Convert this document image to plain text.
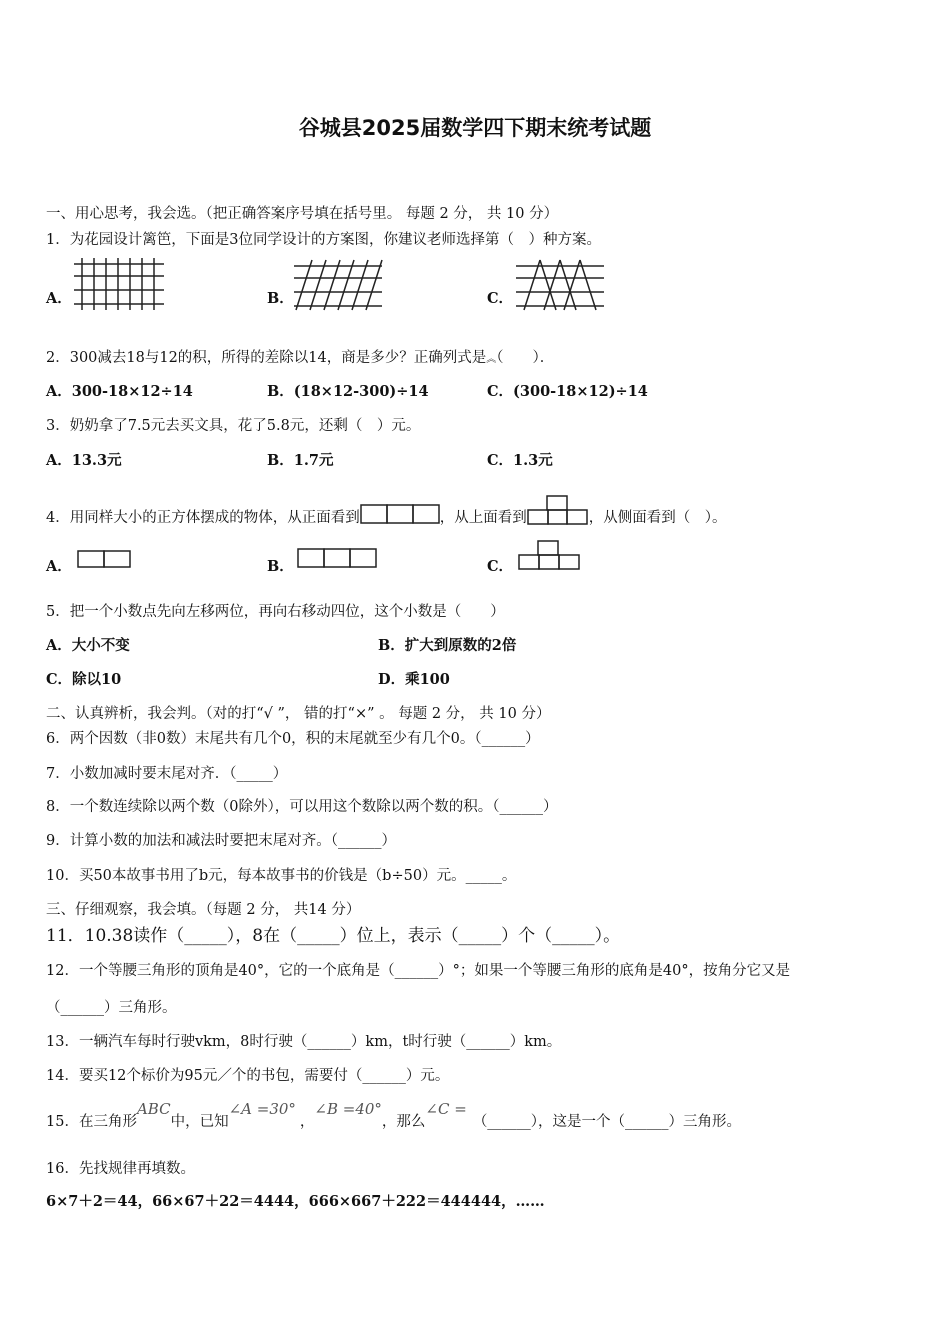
谷城县2025届数学四下期末统考试题
一、用心思考，我会选。（把正确答案序号填在括号里。 每题 2 分， 共 10 分）
1．为花园设计篱笆，下面是3位同学设计的方案图，你建议老师选择第（　）种方案。
A．	B．	C．
2．300减去18与12的积，所得的差除以14，商是多少？正确列式是︽（　　）．
A．300-18×12÷14	B．(18×12-300)÷14	C．(300-18×12)÷14
3．奶奶拿了7.5元去买文具，花了5.8元，还剩（　）元。
A．13.3元	B．1.7元	C．1.3元
4．用同样大小的正方体摆成的物体，从正面看到	，从上面看到	，从侧面看到（　）。
A．	B．	C．
5．把一个小数点先向左移两位，再向右移动四位，这个小数是（　　）
A．大小不变	B．扩大到原数的2倍
C．除以10	D．乘100
二、认真辨析，我会判。（对的打“√ ”， 错的打“×” 。 每题 2 分， 共 10 分）
6．两个因数（非0数）末尾共有几个0，积的末尾就至少有几个0。（______）
7．小数加减时要末尾对齐．（_____）
8．一个数连续除以两个数（0除外），可以用这个数除以两个数的积。（______）
9．计算小数的加法和减法时要把末尾对齐。（______）
10．买50本故事书用了b元，每本故事书的价钱是（b÷50）元。_____。
三、仔细观察，我会填。（每题 2 分， 共14 分）
11．10.38读作（_____），8在（_____）位上，表示（_____）个（_____）。
12．一个等腰三角形的顶角是40°，它的一个底角是（______）°；如果一个等腰三角形的底角是40°，按角分它又是
（______）三角形。
13．一辆汽车每时行驶vkm，8时行驶（______）km，t时行驶（______）km。
14．要买12个标价为95元／个的书包，需要付（______）元。
15．在三角形ABC中，已知∠A =30°，∠B =40°，那么∠C =（______），这是一个（______）三角形。
16．先找规律再填数。
6×7＋2＝44，66×67＋22＝4444，666×667＋222＝444444，……
